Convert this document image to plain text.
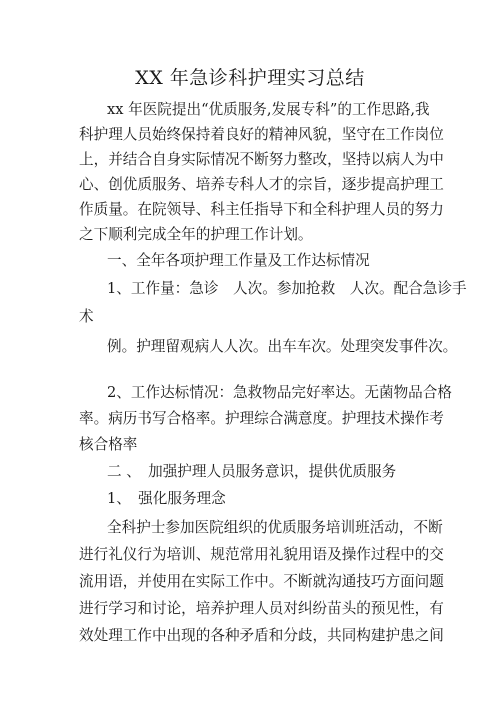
XX 年急诊科护理实习总结

xx 年医院提出“优质服务,发展专科”的工作思路,我

科护理人员始终保持着良好的精神风貌，坚守在工作岗位

上，并结合自身实际情况不断努力整改，坚持以病人为中

心、创优质服务、培养专科人才的宗旨，逐步提高护理工

作质量。在院领导、科主任指导下和全科护理人员的努力

之下顺利完成全年的护理工作计划。

一、全年各项护理工作量及工作达标情况

1、工作量：急诊　人次。参加抢救　人次。配合急诊手

术

例。护理留观病人人次。出车车次。处理突发事件次。

2、工作达标情况：急救物品完好率达。无菌物品合格

率。病历书写合格率。护理综合满意度。护理技术操作考

核合格率

二 、　加强护理人员服务意识，提供优质服务

1、　强化服务理念

全科护士参加医院组织的优质服务培训班活动，不断

进行礼仪行为培训、规范常用礼貌用语及操作过程中的交

流用语，并使用在实际工作中。不断就沟通技巧方面问题

进行学习和讨论，培养护理人员对纠纷苗头的预见性，有

效处理工作中出现的各种矛盾和分歧，共同构建护患之间
